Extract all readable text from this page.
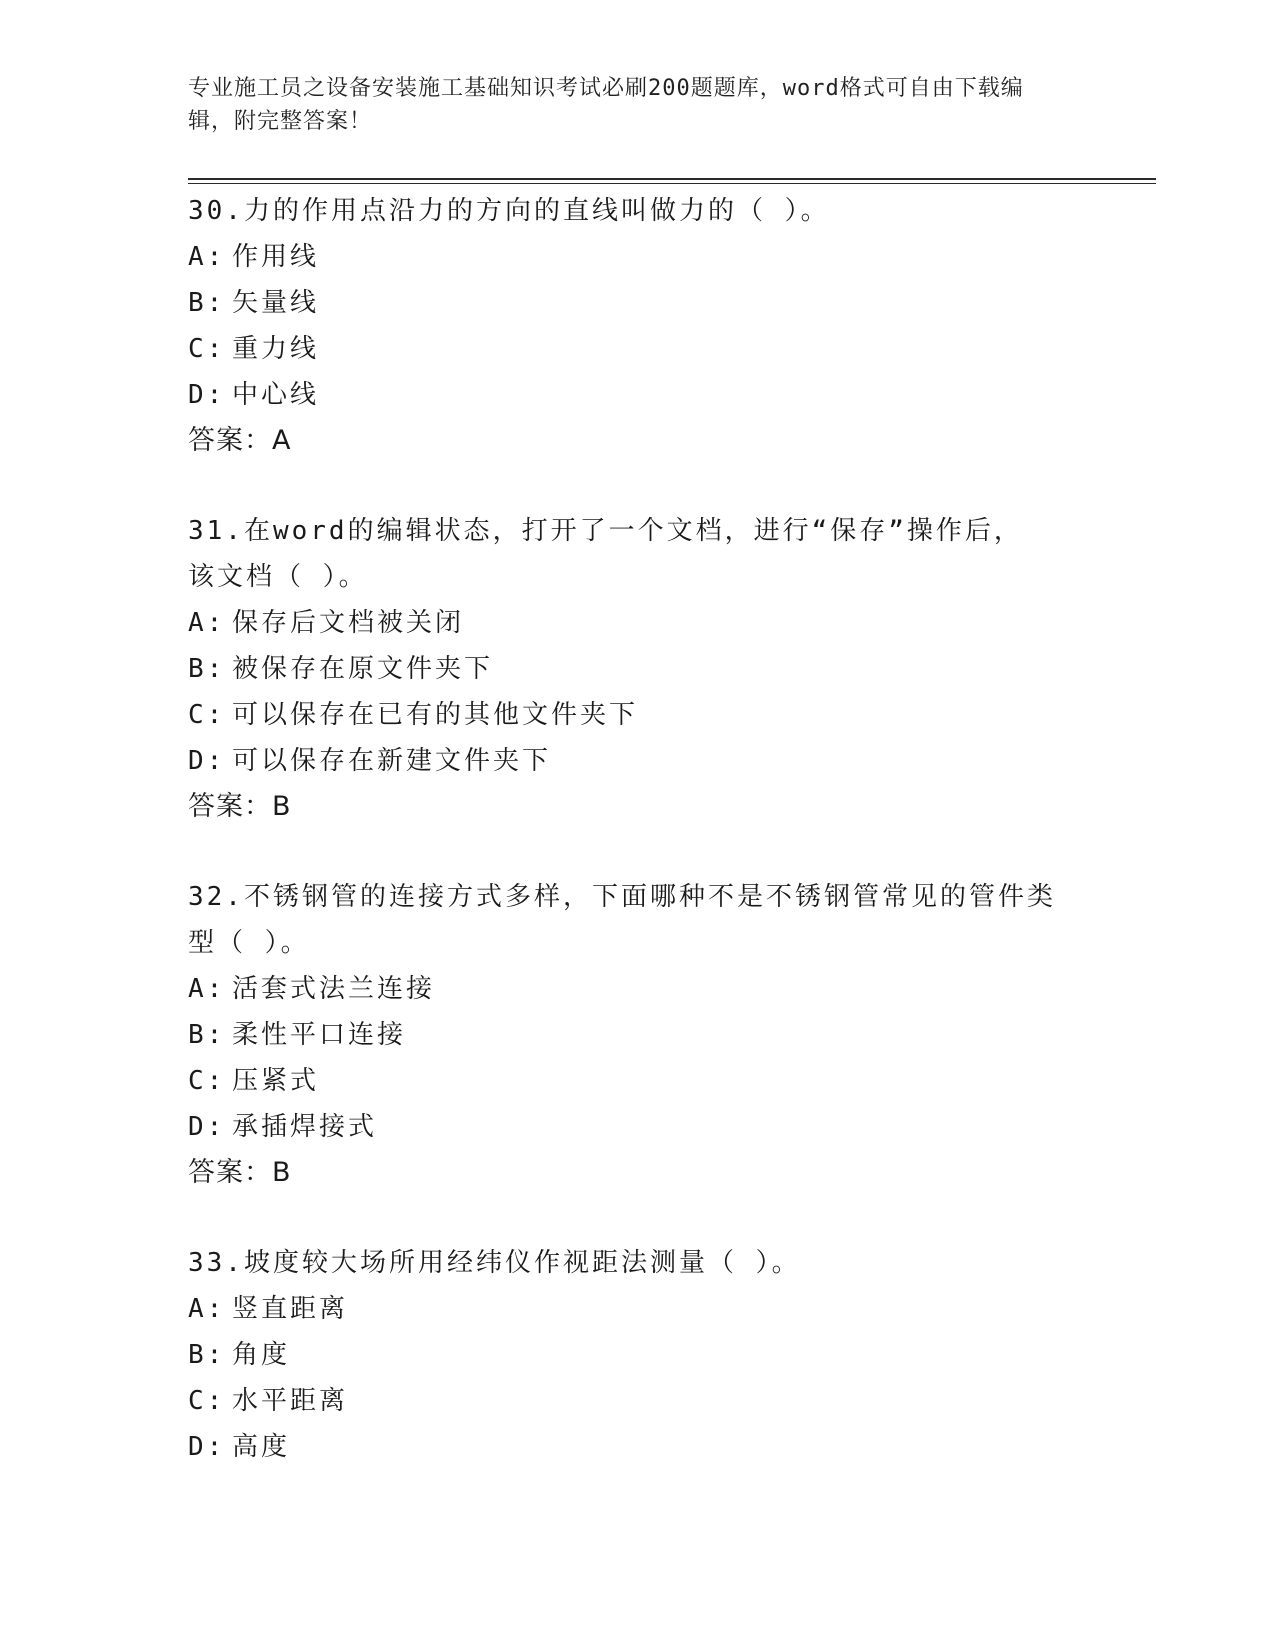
专业施工员之设备安装施工基础知识考试必刷200题题库，word格式可自由下载编辑，附完整答案！

30.力的作用点沿力的方向的直线叫做力的（ ）。

A: 作用线

B: 矢量线

C: 重力线

D: 中心线

答案：A

31.在word的编辑状态，打开了一个文档，进行“保存”操作后，该文档（ ）。

A: 保存后文档被关闭

B: 被保存在原文件夹下

C: 可以保存在已有的其他文件夹下

D: 可以保存在新建文件夹下

答案：B

32.不锈钢管的连接方式多样，下面哪种不是不锈钢管常见的管件类型（ ）。

A: 活套式法兰连接

B: 柔性平口连接

C: 压紧式

D: 承插焊接式

答案：B

33.坡度较大场所用经纬仪作视距法测量（ ）。

A: 竖直距离

B: 角度

C: 水平距离

D: 高度
